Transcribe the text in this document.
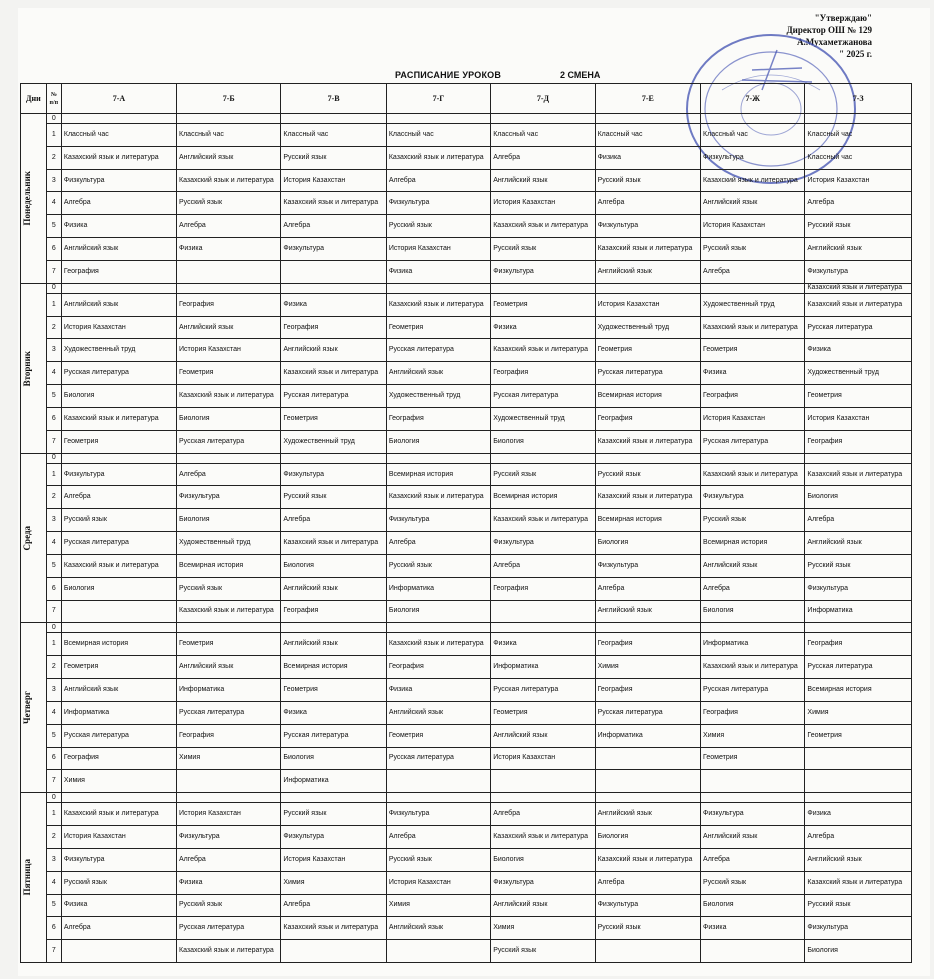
"Утверждаю"
Директор ОШ № 129
А.Мухаметжанова
" 2025 г.
РАСПИСАНИЕ УРОКОВ	2 СМЕНА
Дни	№ п/п	7-А	7-Б	7-В	7-Г	7-Д	7-Е	7-Ж	7-З

Понедельник	0								
	1	Классный час	Классный час	Классный час	Классный час	Классный час	Классный час	Классный час	Классный час
	2	Казахский язык и литература	Английский язык	Русский язык	Казахский язык и литература	Алгебра	Физика	Физкультура	Классный час
	3	Физкультура	Казахский язык и литература	История Казахстан	Алгебра	Английский язык	Русский язык	Казахский язык и литература	История Казахстан
	4	Алгебра	Русский язык	Казахский язык и литература	Физкультура	История Казахстан	Алгебра	Английский язык	Алгебра
	5	Физика	Алгебра	Алгебра	Русский язык	Казахский язык и литература	Физкультура	История Казахстан	Русский язык
	6	Английский язык	Физика	Физкультура	История Казахстан	Русский язык	Казахский язык и литература	Русский язык	Английский язык
	7	География			Физика	Физкультура	Английский язык	Алгебра	Физкультура

Вторник	0								Казахский язык и литература
	1	Английский язык	География	Физика	Казахский язык и литература	Геометрия	История Казахстан	Художественный труд	Казахский язык и литература
	2	История Казахстан	Английский язык	География	Геометрия	Физика	Художественный труд	Казахский язык и литература	Русская литература
	3	Художественный труд	История Казахстан	Английский язык	Русская литература	Казахский язык и литература	Геометрия	Геометрия	Физика
	4	Русская литература	Геометрия	Казахский язык и литература	Английский язык	География	Русская литература	Физика	Художественный труд
	5	Биология	Казахский язык и литература	Русская литература	Художественный труд	Русская литература	Всемирная история	География	Геометрия
	6	Казахский язык и литература	Биология	Геометрия	География	Художественный труд	География	История Казахстан	История Казахстан
	7	Геометрия	Русская литература	Художественный труд	Биология	Биология	Казахский язык и литература	Русская литература	География

Среда	0								
	1	Физкультура	Алгебра	Физкультура	Всемирная история	Русский язык	Русский язык	Казахский язык и литература	Казахский язык и литература
	2	Алгебра	Физкультура	Русский язык	Казахский язык и литература	Всемирная история	Казахский язык и литература	Физкультура	Биология
	3	Русский язык	Биология	Алгебра	Физкультура	Казахский язык и литература	Всемирная история	Русский язык	Алгебра
	4	Русская литература	Художественный труд	Казахский язык и литература	Алгебра	Физкультура	Биология	Всемирная история	Английский язык
	5	Казахский язык и литература	Всемирная история	Биология	Русский язык	Алгебра	Физкультура	Английский язык	Русский язык
	6	Биология	Русский язык	Английский язык	Информатика	География	Алгебра	Алгебра	Физкультура
	7		Казахский язык и литература	География	Биология		Английский язык	Биология	Информатика

Четверг	0								
	1	Всемирная история	Геометрия	Английский язык	Казахский язык и литература	Физика	География	Информатика	География
	2	Геометрия	Английский язык	Всемирная история	География	Информатика	Химия	Казахский язык и литература	Русская литература
	3	Английский язык	Информатика	Геометрия	Физика	Русская литература	География	Русская литература	Всемирная история
	4	Информатика	Русская литература	Физика	Английский язык	Геометрия	Русская литература	География	Химия
	5	Русская литература	География	Русская литература	Геометрия	Английский язык	Информатика	Химия	Геометрия
	6	География	Химия	Биология	Русская литература	История Казахстан		Геометрия	
	7	Химия		Информатика					

Пятница	0								
	1	Казахский язык и литература	История Казахстан	Русский язык	Физкультура	Алгебра	Английский язык	Физкультура	Физика
	2	История Казахстан	Физкультура	Физкультура	Алгебра	Казахский язык и литература	Биология	Английский язык	Алгебра
	3	Физкультура	Алгебра	История Казахстан	Русский язык	Биология	Казахский язык и литература	Алгебра	Английский язык
	4	Русский язык	Физика	Химия	История Казахстан	Физкультура	Алгебра	Русский язык	Казахский язык и литература
	5	Физика	Русский язык	Алгебра	Химия	Английский язык	Физкультура	Биология	Русский язык
	6	Алгебра	Русская литература	Казахский язык и литература	Английский язык	Химия	Русский язык	Физика	Физкультура
	7		Казахский язык и литература			Русский язык			Биология
